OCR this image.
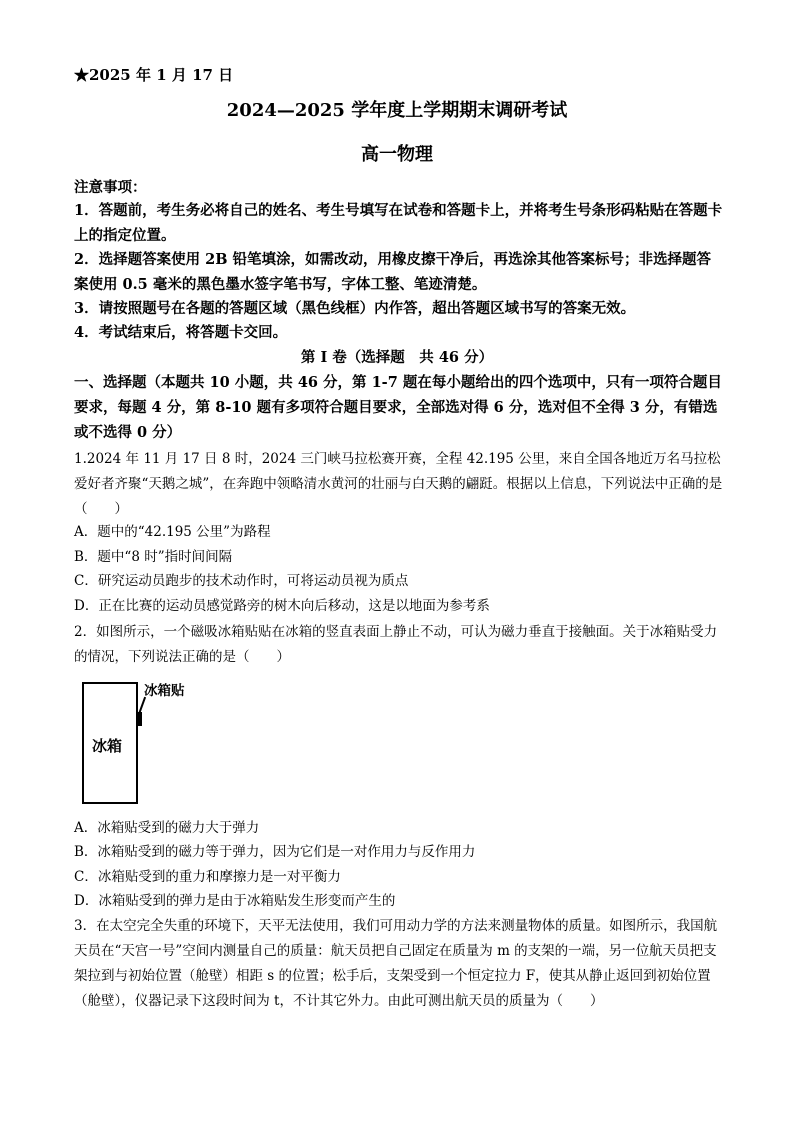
★2025 年 1 月 17 日
2024—2025 学年度上学期期末调研考试
高一物理
注意事项：
1．答题前，考生务必将自己的姓名、考生号填写在试卷和答题卡上，并将考生号条形码粘贴在答题卡上的指定位置。
2．选择题答案使用 2B 铅笔填涂，如需改动，用橡皮擦干净后，再选涂其他答案标号；非选择题答案使用 0.5 毫米的黑色墨水签字笔书写，字体工整、笔迹清楚。
3．请按照题号在各题的答题区域（黑色线框）内作答，超出答题区域书写的答案无效。
4．考试结束后，将答题卡交回。
第 I 卷（选择题　共 46 分）
一、选择题（本题共 10 小题，共 46 分，第 1-7 题在每小题给出的四个选项中，只有一项符合题目要求，每题 4 分，第 8-10 题有多项符合题目要求，全部选对得 6 分，选对但不全得 3 分，有错选或不选得 0 分）
1.2024 年 11 月 17 日 8 时，2024 三门峡马拉松赛开赛，全程 42.195 公里，来自全国各地近万名马拉松爱好者齐聚“天鹅之城”，在奔跑中领略清水黄河的壮丽与白天鹅的翩跹。根据以上信息，下列说法中正确的是（　　）
A．题中的“42.195 公里”为路程
B．题中“8 时”指时间间隔
C．研究运动员跑步的技术动作时，可将运动员视为质点
D．正在比赛的运动员感觉路旁的树木向后移动，这是以地面为参考系
2．如图所示，一个磁吸冰箱贴贴在冰箱的竖直表面上静止不动，可认为磁力垂直于接触面。关于冰箱贴受力的情况，下列说法正确的是（　　）
冰箱
冰箱贴
A．冰箱贴受到的磁力大于弹力
B．冰箱贴受到的磁力等于弹力，因为它们是一对作用力与反作用力
C．冰箱贴受到的重力和摩擦力是一对平衡力
D．冰箱贴受到的弹力是由于冰箱贴发生形变而产生的
3．在太空完全失重的环境下，天平无法使用，我们可用动力学的方法来测量物体的质量。如图所示，我国航天员在“天宫一号”空间内测量自己的质量：航天员把自己固定在质量为 m 的支架的一端，另一位航天员把支架拉到与初始位置（舱壁）相距 s 的位置；松手后，支架受到一个恒定拉力 F，使其从静止返回到初始位置（舱壁），仪器记录下这段时间为 t，不计其它外力。由此可测出航天员的质量为（　　）
